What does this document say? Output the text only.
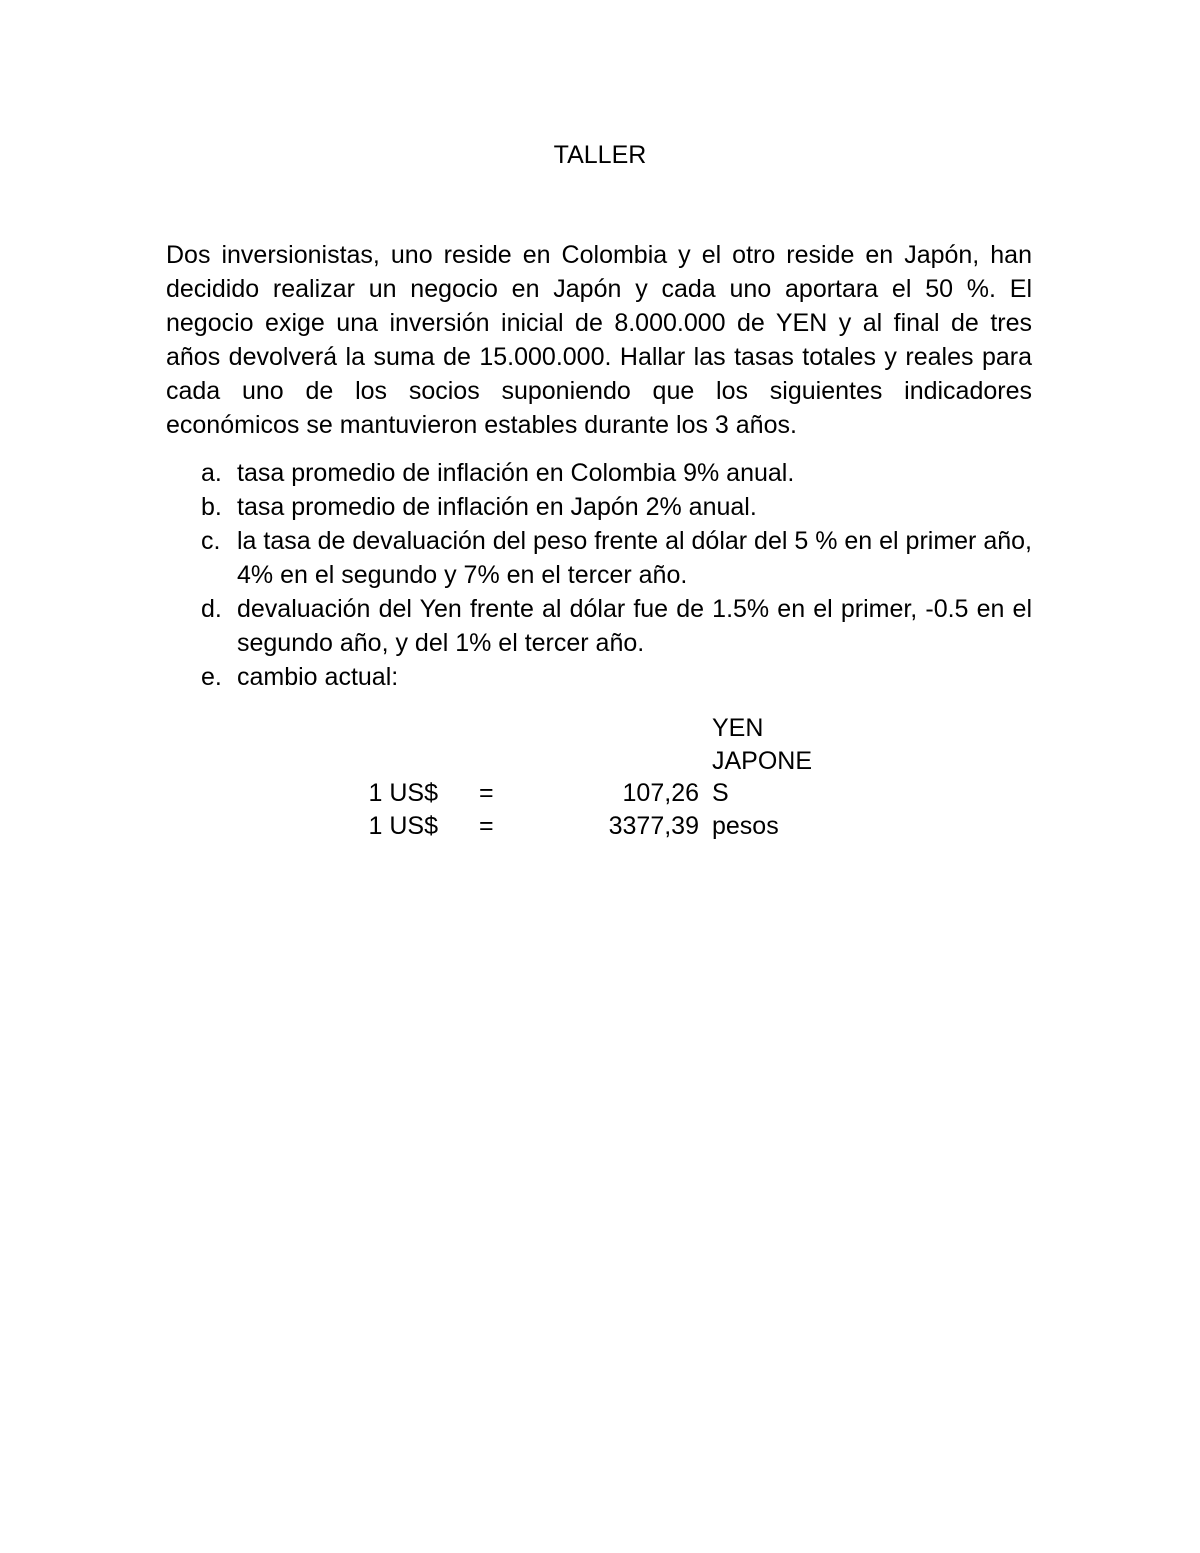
TALLER

Dos inversionistas, uno reside en Colombia y el otro reside en Japón, han decidido realizar un negocio en Japón y cada uno aportara el 50 %. El negocio exige una inversión inicial de 8.000.000 de YEN y al final de tres años devolverá la suma de 15.000.000. Hallar las tasas totales y reales para cada uno de los socios suponiendo que los siguientes indicadores económicos se mantuvieron estables durante los 3 años.

a. tasa promedio de inflación en Colombia 9% anual.
b. tasa promedio de inflación en Japón 2% anual.
c. la tasa de devaluación del peso frente al dólar del 5 % en el primer año, 4% en el segundo y 7% en el tercer año.
d. devaluación del Yen frente al dólar fue de 1.5% en el primer, -0.5 en el segundo año, y del 1% el tercer año.
e. cambio actual:
YEN
JAPONE
1 US$ =	107,26 S
1 US$ =	3377,39 pesos
